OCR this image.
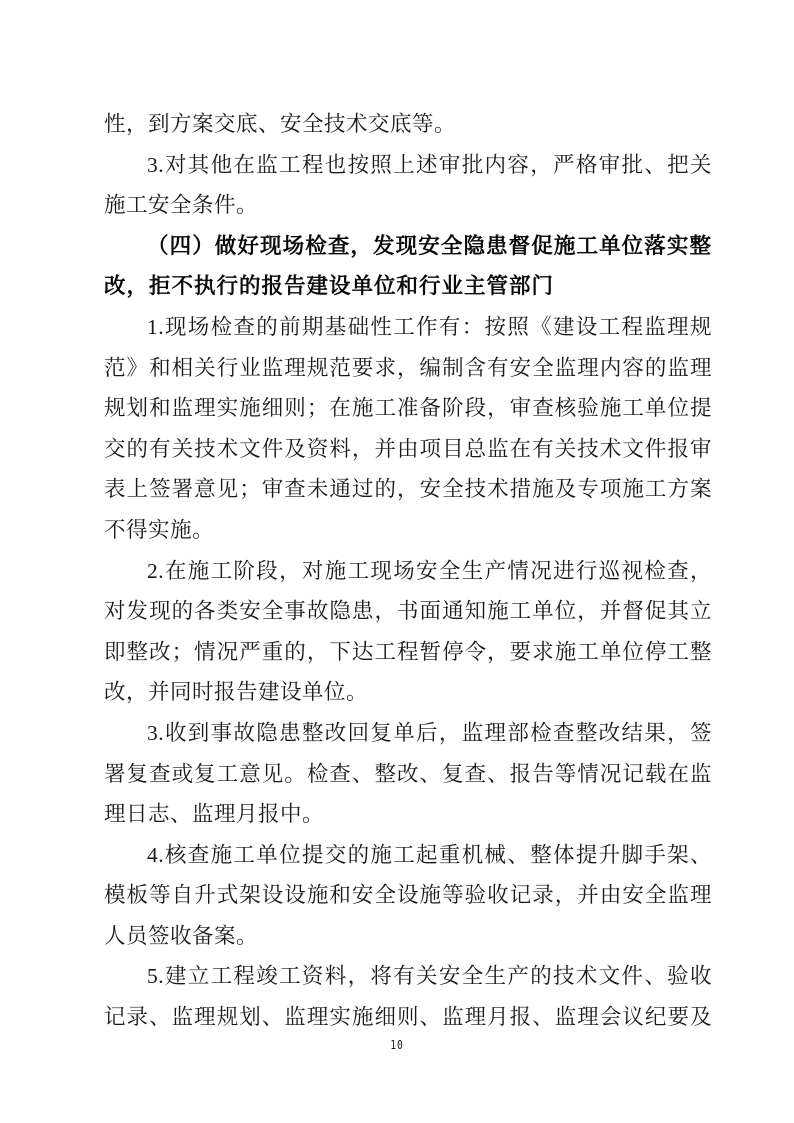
性，到方案交底、安全技术交底等。
3.对其他在监工程也按照上述审批内容，严格审批、把关
施工安全条件。
（四）做好现场检查，发现安全隐患督促施工单位落实整
改，拒不执行的报告建设单位和行业主管部门
1.现场检查的前期基础性工作有：按照《建设工程监理规
范》和相关行业监理规范要求，编制含有安全监理内容的监理
规划和监理实施细则；在施工准备阶段，审查核验施工单位提
交的有关技术文件及资料，并由项目总监在有关技术文件报审
表上签署意见；审查未通过的，安全技术措施及专项施工方案
不得实施。
2.在施工阶段，对施工现场安全生产情况进行巡视检查，
对发现的各类安全事故隐患，书面通知施工单位，并督促其立
即整改；情况严重的，下达工程暂停令，要求施工单位停工整
改，并同时报告建设单位。
3.收到事故隐患整改回复单后，监理部检查整改结果，签
署复查或复工意见。检查、整改、复查、报告等情况记载在监
理日志、监理月报中。
4.核查施工单位提交的施工起重机械、整体提升脚手架、
模板等自升式架设设施和安全设施等验收记录，并由安全监理
人员签收备案。
5.建立工程竣工资料，将有关安全生产的技术文件、验收
记录、监理规划、监理实施细则、监理月报、监理会议纪要及
10
